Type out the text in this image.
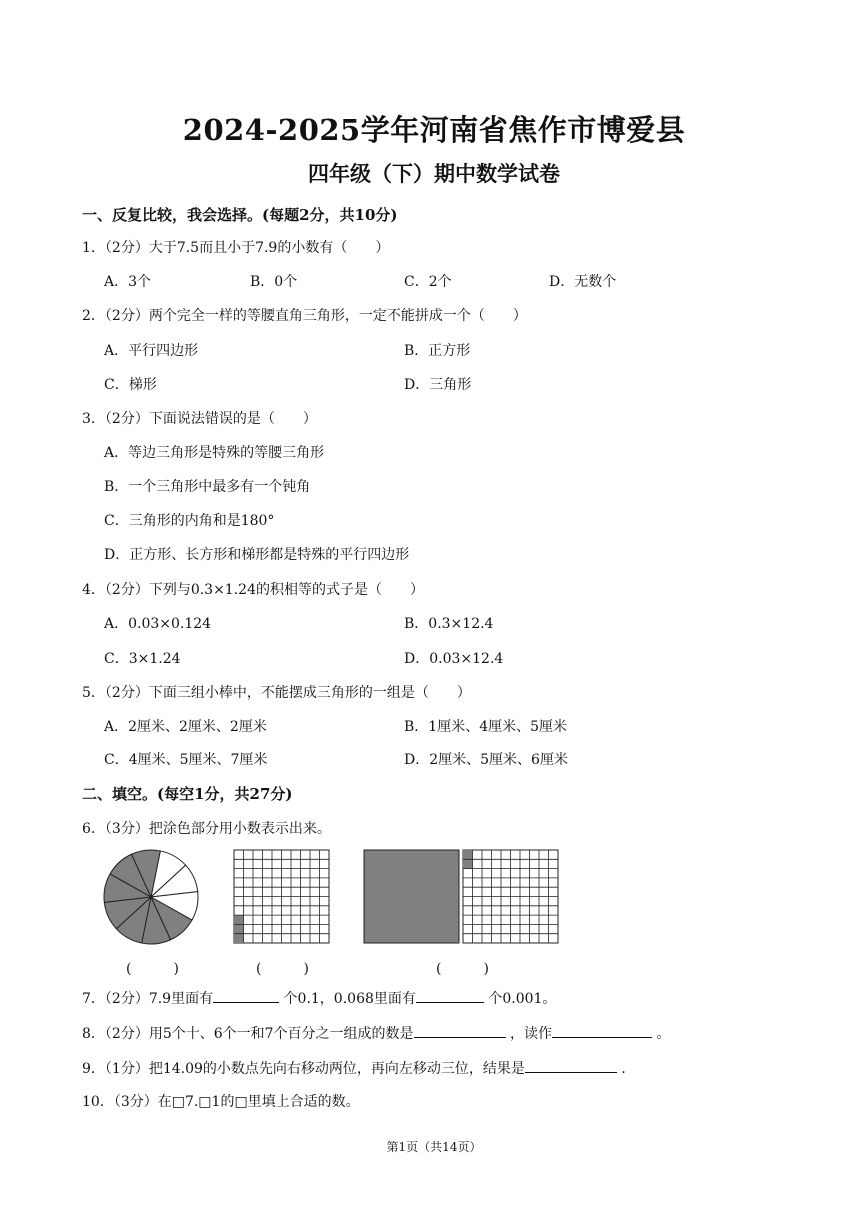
2024-2025学年河南省焦作市博爱县
四年级（下）期中数学试卷
一、反复比较，我会选择。(每题2分，共10分)
1．（2分）大于7.5而且小于7.9的小数有（　　）
A．3个	B．0个	C．2个	D．无数个
2．（2分）两个完全一样的等腰直角三角形，一定不能拼成一个（　　）
A．平行四边形	B．正方形
C．梯形	D．三角形
3．（2分）下面说法错误的是（　　）
A．等边三角形是特殊的等腰三角形
B．一个三角形中最多有一个钝角
C．三角形的内角和是180°
D．正方形、长方形和梯形都是特殊的平行四边形
4．（2分）下列与0.3×1.24的积相等的式子是（　　）
A．0.03×0.124	B．0.3×12.4
C．3×1.24	D．0.03×12.4
5．（2分）下面三组小棒中，不能摆成三角形的一组是（　　）
A．2厘米、2厘米、2厘米	B．1厘米、4厘米、5厘米
C．4厘米、5厘米、7厘米	D．2厘米、5厘米、6厘米
二、填空。(每空1分，共27分)
6．（3分）把涂色部分用小数表示出来。
(　　　)	(　　　)	(　　　)
7．（2分）7.9里面有	个0.1，0.068里面有	个0.001。
8．（2分）用5个十、6个一和7个百分之一组成的数是	，读作	。
9．（1分）把14.09的小数点先向右移动两位，再向左移动三位，结果是	．
10．（3分）在□7.□1的□里填上合适的数。
第1页（共14页）
